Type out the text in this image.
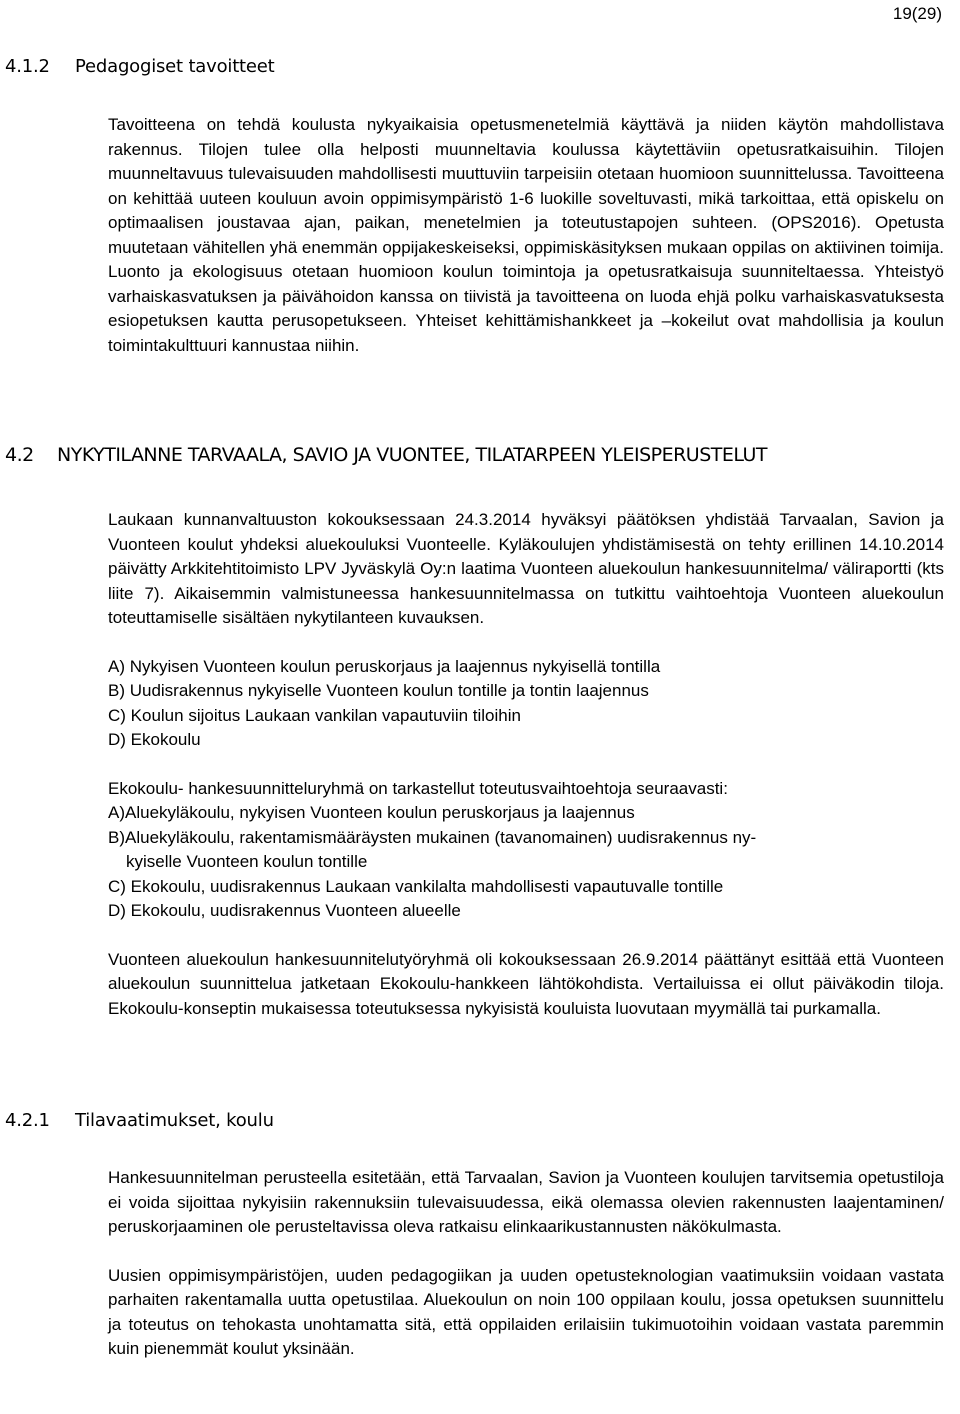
19(29)
4.1.2 Pedagogiset tavoitteet

Tavoitteena on tehdä koulusta nykyaikaisia opetusmenetelmiä käyttävä ja niiden käytön mahdollistava rakennus. Tilojen tulee olla helposti muunneltavia koulussa käytettäviin opetusratkaisuihin. Tilojen muunneltavuus tulevaisuuden mahdollisesti muuttuviin tarpeisiin otetaan huomioon suunnittelussa. Tavoitteena on kehittää uuteen kouluun avoin oppimisympäristö 1-6 luokille soveltuvasti, mikä tarkoittaa, että opiskelu on optimaalisen joustavaa ajan, paikan, menetelmien ja toteutustapojen suhteen. (OPS2016). Opetusta muutetaan vähitellen yhä enemmän oppijakeskeiseksi, oppimiskäsityksen mukaan oppilas on aktiivinen toimija. Luonto ja ekologisuus otetaan huomioon koulun toimintoja ja opetusratkaisuja suunniteltaessa. Yhteistyö varhaiskasvatuksen ja päivähoidon kanssa on tiivistä ja tavoitteena on luoda ehjä polku varhaiskasvatuksesta esiopetuksen kautta perusopetukseen. Yhteiset kehittämishankkeet ja –kokeilut ovat mahdollisia ja koulun toimintakulttuuri kannustaa niihin.

4.2 NYKYTILANNE TARVAALA, SAVIO JA VUONTEE, TILATARPEEN YLEISPERUSTELUT

Laukaan kunnanvaltuuston kokouksessaan 24.3.2014 hyväksyi päätöksen yhdistää Tarvaalan, Savion ja Vuonteen koulut yhdeksi aluekouluksi Vuonteelle. Kyläkoulujen yhdistämisestä on tehty erillinen 14.10.2014 päivätty Arkkitehtitoimisto LPV Jyväskylä Oy:n laatima Vuonteen aluekoulun hankesuunnitelma/ väliraportti (kts liite 7). Aikaisemmin valmistuneessa hankesuunnitelmassa on tutkittu vaihtoehtoja Vuonteen aluekoulun toteuttamiselle sisältäen nykytilanteen kuvauksen.

A) Nykyisen Vuonteen koulun peruskorjaus ja laajennus nykyisellä tontilla
B) Uudisrakennus nykyiselle Vuonteen koulun tontille ja tontin laajennus
C) Koulun sijoitus Laukaan vankilan vapautuviin tiloihin
D) Ekokoulu

Ekokoulu- hankesuunnitteluryhmä on tarkastellut toteutusvaihtoehtoja seuraavasti:

A)Aluekyläkoulu, nykyisen Vuonteen koulun peruskorjaus ja laajennus
B)Aluekyläkoulu, rakentamismääräysten mukainen (tavanomainen) uudisrakennus ny-
kyiselle Vuonteen koulun tontille
C) Ekokoulu, uudisrakennus Laukaan vankilalta mahdollisesti vapautuvalle tontille
D) Ekokoulu, uudisrakennus Vuonteen alueelle

Vuonteen aluekoulun hankesuunnitelutyöryhmä oli kokouksessaan 26.9.2014 päättänyt esittää että Vuonteen aluekoulun suunnittelua jatketaan Ekokoulu-hankkeen lähtökohdista. Vertailuissa ei ollut päiväkodin tiloja. Ekokoulu-konseptin mukaisessa toteutuksessa nykyisistä kouluista luovutaan myymällä tai purkamalla.

4.2.1 Tilavaatimukset, koulu

Hankesuunnitelman perusteella esitetään, että Tarvaalan, Savion ja Vuonteen koulujen tarvitsemia opetustiloja ei voida sijoittaa nykyisiin rakennuksiin tulevaisuudessa, eikä olemassa olevien rakennusten laajentaminen/ peruskorjaaminen ole perusteltavissa oleva ratkaisu elinkaarikustannusten näkökulmasta.

Uusien oppimisympäristöjen, uuden pedagogiikan ja uuden opetusteknologian vaatimuksiin voidaan vastata parhaiten rakentamalla uutta opetustilaa. Aluekoulun on noin 100 oppilaan koulu, jossa opetuksen suunnittelu ja toteutus on tehokasta unohtamatta sitä, että oppilaiden erilaisiin tukimuotoihin voidaan vastata paremmin kuin pienemmät koulut yksinään.
